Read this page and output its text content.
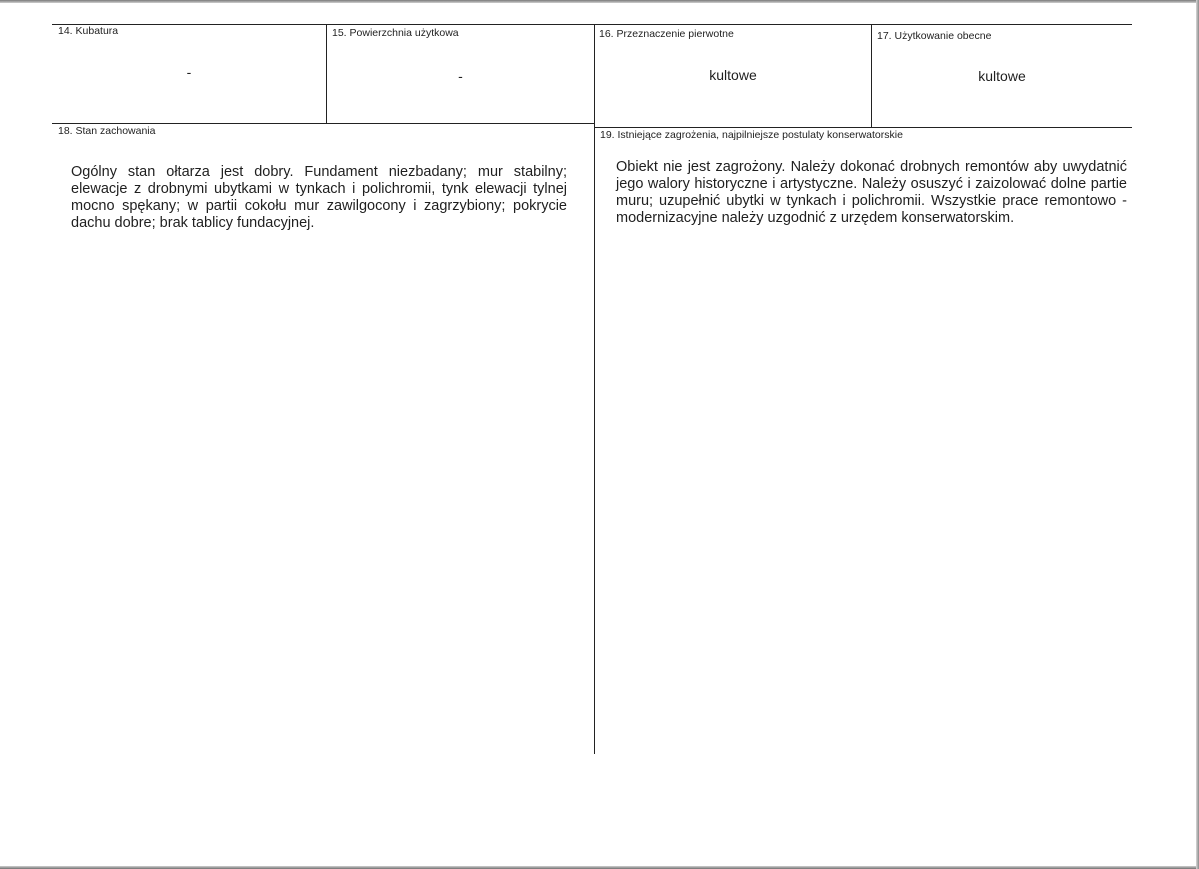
14. Kubatura
-
15. Powierzchnia użytkowa
-
16. Przeznaczenie pierwotne
kultowe
17. Użytkowanie obecne
kultowe
18. Stan zachowania
Ogólny stan ołtarza jest dobry. Fundament niezbadany; mur stabilny; elewacje z drobnymi ubytkami w tynkach i polichromii, tynk elewacji tylnej mocno spękany; w partii cokołu mur zawilgocony i zagrzybiony; pokrycie dachu dobre; brak tablicy fundacyjnej.
19. Istniejące zagrożenia, najpilniejsze postulaty konserwatorskie
Obiekt nie jest zagrożony. Należy dokonać drobnych remontów aby uwydatnić jego walory historyczne i artystyczne. Należy osuszyć i zaizolować dolne partie muru; uzupełnić ubytki w tynkach i polichromii. Wszystkie prace remontowo - modernizacyjne należy uzgodnić z urzędem konserwatorskim.
